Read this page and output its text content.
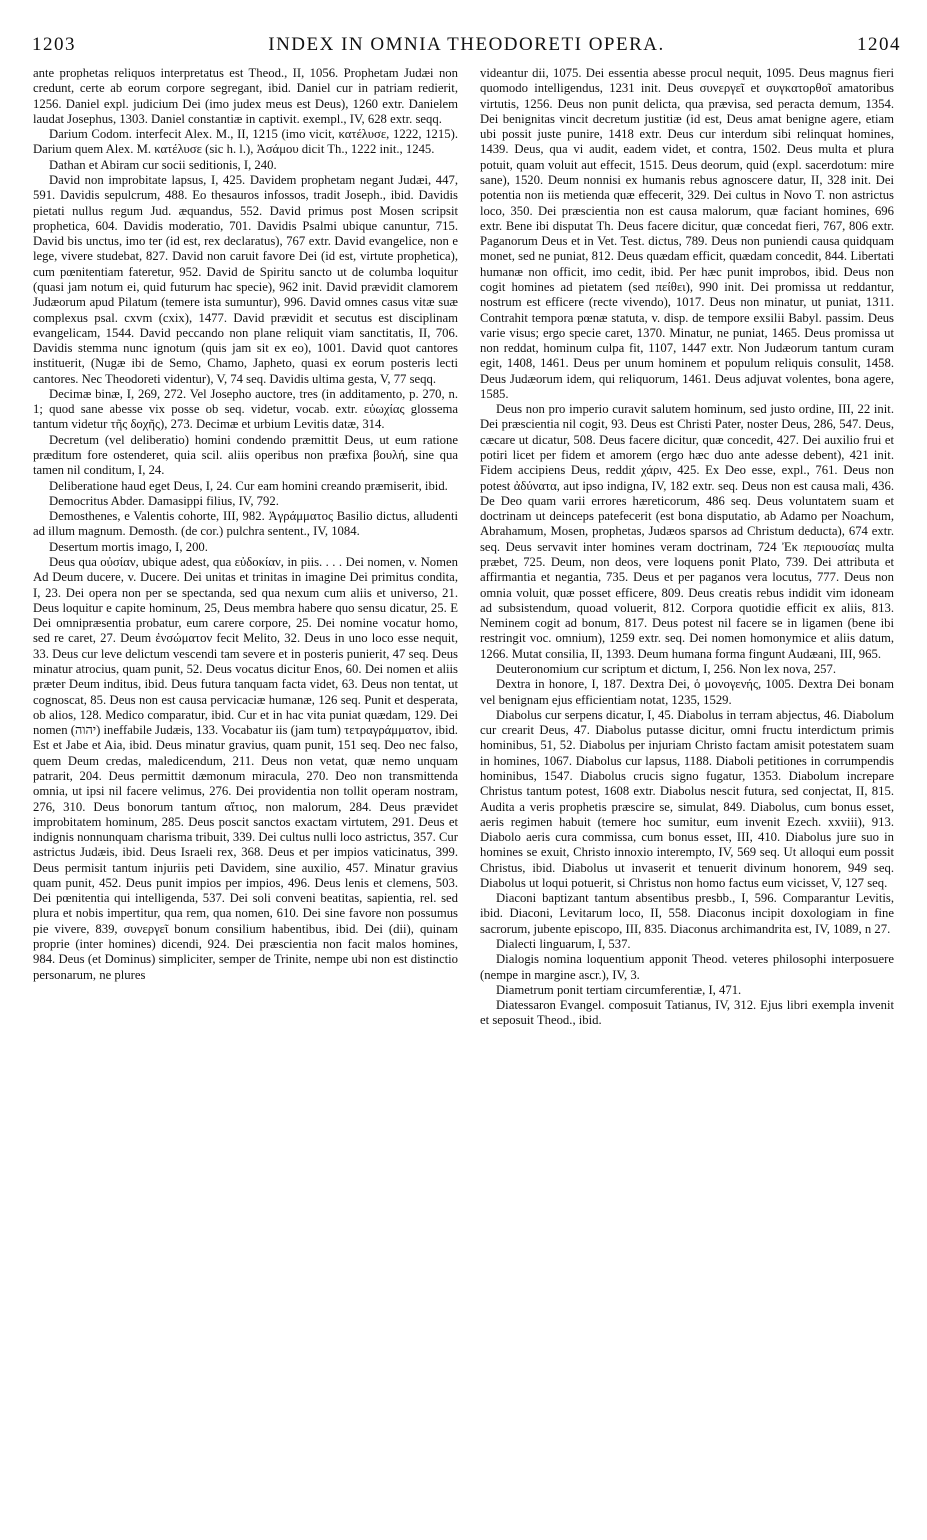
INDEX IN OMNIA THEODORETI OPERA.
1203	1204

ante prophetas reliquos interpretatus est Theod., II, 1056. Prophetam Judæi non credunt, certe ab eorum corpore segregant, ibid. Daniel cur in patriam redierit, 1256. Daniel expl. judicium Dei (imo judex meus est Deus), 1260 extr. Danielem laudat Josephus, 1303. Daniel constantiæ in captivit. exempl., IV, 628 extr. seqq.

Darium Codom. interfecit Alex. M., II, 1215 (imo vicit, κατέλυσε, 1222, 1215). Darium quem Alex. M. κατέλυσε (sic h. l.), Ἀσάμου dicit Th., 1222 init., 1245.

Dathan et Abiram cur socii seditionis, I, 240.

David non improbitate lapsus, I, 425. Davidem prophetam negant Judæi, 447, 591. Davidis sepulcrum, 488. Eo thesauros infossos, tradit Joseph., ibid. Davidis pietati nullus regum Jud. æquandus, 552. David primus post Mosen scripsit prophetica, 604. Davidis moderatio, 701. Davidis Psalmi ubique canuntur, 715. David bis unctus, imo ter (id est, rex declaratus), 767 extr. David evangelice, non e lege, vivere studebat, 827. David non caruit favore Dei (id est, virtute prophetica), cum pœnitentiam fateretur, 952. David de Spiritu sancto ut de columba loquitur (quasi jam notum ei, quid futurum hac specie), 962 init. David prævidit clamorem Judæorum apud Pilatum (temere ista sumuntur), 996. David omnes casus vitæ suæ complexus psal. cxvm (cxix), 1477. David prævidit et secutus est disciplinam evangelicam, 1544. David peccando non plane reliquit viam sanctitatis, II, 706. Davidis stemma nunc ignotum (quis jam sit ex eo), 1001. David quot cantores instituerit, (Nugæ ibi de Semo, Chamo, Japheto, quasi ex eorum posteris lecti cantores. Nec Theodoreti videntur), V, 74 seq. Davidis ultima gesta, V, 77 seqq.

Decimæ binæ, I, 269, 272. Vel Josepho auctore, tres (in additamento, p. 270, n. 1; quod sane abesse vix posse ob seq. videtur, vocab. extr. εὐωχίας glossema tantum videtur τῆς δοχῆς), 273. Decimæ et urbium Levitis datæ, 314.

Decretum (vel deliberatio) homini condendo præmittit Deus, ut eum ratione præditum fore ostenderet, quia scil. aliis operibus non præfixa βουλή, sine qua tamen nil conditum, I, 24.

Deliberatione haud eget Deus, I, 24. Cur eam homini creando præmiserit, ibid.

Democritus Abder. Damasippi filius, IV, 792.

Demosthenes, e Valentis cohorte, III, 982. Ἀγράμματος Basilio dictus, alludenti ad illum magnum. Demosth. (de cor.) pulchra sentent., IV, 1084.

Desertum mortis imago, I, 200.

Deus qua οὐσίαν, ubique adest, qua εὐδοκίαν, in piis. . . . Dei nomen, v. Nomen Ad Deum ducere, v. Ducere. Dei unitas et trinitas in imagine Dei primitus condita, I, 23. Dei opera non per se spectanda, sed qua nexum cum aliis et universo, 21. Deus loquitur e capite hominum, 25, Deus membra habere quo sensu dicatur, 25. E Dei omnipræsentia probatur, eum carere corpore, 25. Dei nomine vocatur homo, sed re caret, 27. Deum ἐνσώματον fecit Melito, 32. Deus in uno loco esse nequit, 33. Deus cur leve delictum vescendi tam severe et in posteris punierit, 47 seq. Deus minatur atrocius, quam punit, 52. Deus vocatus dicitur Enos, 60. Dei nomen et aliis præter Deum inditus, ibid. Deus futura tanquam facta videt, 63. Deus non tentat, ut cognoscat, 85. Deus non est causa pervicaciæ humanæ, 126 seq. Punit et desperata, ob alios, 128. Medico comparatur, ibid. Cur et in hac vita puniat quædam, 129. Dei nomen (יהוה) ineffabile Judæis, 133. Vocabatur iis (jam tum) τετραγράμματον, ibid. Est et Jabe et Aia, ibid. Deus minatur gravius, quam punit, 151 seq. Deo nec falso, quem Deum credas, maledicendum, 211. Deus non vetat, quæ nemo unquam patrarit, 204. Deus permittit dæmonum miracula, 270. Deo non transmittenda omnia, ut ipsi nil facere velimus, 276. Dei providentia non tollit operam nostram, 276, 310. Deus bonorum tantum αἴτιος, non malorum, 284. Deus prævidet improbitatem hominum, 285. Deus poscit sanctos exactam virtutem, 291. Deus et indignis nonnunquam charisma tribuit, 339. Dei cultus nulli loco astrictus, 357. Cur astrictus Judæis, ibid. Deus Israeli rex, 368. Deus et per impios vaticinatus, 399. Deus permisit tantum injuriis peti Davidem, sine auxilio, 457. Minatur gravius quam punit, 452. Deus punit impios per impios, 496. Deus lenis et clemens, 503. Dei pœnitentia qui intelligenda, 537. Dei soli conveni beatitas, sapientia, rel. sed plura et nobis impertitur, qua rem, qua nomen, 610. Dei sine favore non possumus pie vivere, 839, συνεργεῖ bonum consilium habentibus, ibid. Dei (dii), quinam proprie (inter homines) dicendi, 924. Dei præscientia non facit malos homines, 984. Deus (et Dominus) simpliciter, semper de Trinite, nempe ubi non est distinctio personarum, ne plures

videantur dii, 1075. Dei essentia abesse procul nequit, 1095. Deus magnus fieri quomodo intelligendus, 1231 init. Deus συνεργεῖ et συγκατορθοῖ amatoribus virtutis, 1256. Deus non punit delicta, qua prævisa, sed peracta demum, 1354. Dei benignitas vincit decretum justitiæ (id est, Deus amat benigne agere, etiam ubi possit juste punire, 1418 extr. Deus cur interdum sibi relinquat homines, 1439. Deus, qua vi audit, eadem videt, et contra, 1502. Deus multa et plura potuit, quam voluit aut effecit, 1515. Deus deorum, quid (expl. sacerdotum: mire sane), 1520. Deum nonnisi ex humanis rebus agnoscere datur, II, 328 init. Dei potentia non iis metienda quæ effecerit, 329. Dei cultus in Novo T. non astrictus loco, 350. Dei præscientia non est causa malorum, quæ faciant homines, 696 extr. Bene ibi disputat Th. Deus facere dicitur, quæ concedat fieri, 767, 806 extr. Paganorum Deus et in Vet. Test. dictus, 789. Deus non puniendi causa quidquam monet, sed ne puniat, 812. Deus quædam efficit, quædam concedit, 844. Libertati humanæ non officit, imo cedit, ibid. Per hæc punit improbos, ibid. Deus non cogit homines ad pietatem (sed πείθει), 990 init. Dei promissa ut reddantur, nostrum est efficere (recte vivendo), 1017. Deus non minatur, ut puniat, 1311. Contrahit tempora pœnæ statuta, v. disp. de tempore exsilii Babyl. passim. Deus varie visus; ergo specie caret, 1370. Minatur, ne puniat, 1465. Deus promissa ut non reddat, hominum culpa fit, 1107, 1447 extr. Non Judæorum tantum curam egit, 1408, 1461. Deus per unum hominem et populum reliquis consulit, 1458. Deus Judæorum idem, qui reliquorum, 1461. Deus adjuvat volentes, bona agere, 1585.

Deus non pro imperio curavit salutem hominum, sed justo ordine, III, 22 init. Dei præscientia nil cogit, 93. Deus est Christi Pater, noster Deus, 286, 547. Deus, cæcare ut dicatur, 508. Deus facere dicitur, quæ concedit, 427. Dei auxilio frui et potiri licet per fidem et amorem (ergo hæc duo ante adesse debent), 421 init. Fidem accipiens Deus, reddit χάριν, 425. Ex Deo esse, expl., 761. Deus non potest ἀδύνατα, aut ipso indigna, IV, 182 extr. seq. Deus non est causa mali, 436. De Deo quam varii errores hæreticorum, 486 seq. Deus voluntatem suam et doctrinam ut deinceps patefecerit (est bona disputatio, ab Adamo per Noachum, Abrahamum, Mosen, prophetas, Judæos sparsos ad Christum deducta), 674 extr. seq. Deus servavit inter homines veram doctrinam, 724 Ἐκ περιουσίας multa præbet, 725. Deum, non deos, vere loquens ponit Plato, 739. Dei attributa et affirmantia et negantia, 735. Deus et per paganos vera locutus, 777. Deus non omnia voluit, quæ posset efficere, 809. Deus creatis rebus indidit vim idoneam ad subsistendum, quoad voluerit, 812. Corpora quotidie efficit ex aliis, 813. Neminem cogit ad bonum, 817. Deus potest nil facere se in ligamen (bene ibi restringit voc. omnium), 1259 extr. seq. Dei nomen homonymice et aliis datum, 1266. Mutat consilia, II, 1393. Deum humana forma fingunt Audæani, III, 965.

Deuteronomium cur scriptum et dictum, I, 256. Non lex nova, 257.

Dextra in honore, I, 187. Dextra Dei, ὁ μονογενής, 1005. Dextra Dei bonam vel benignam ejus efficientiam notat, 1235, 1529.

Diabolus cur serpens dicatur, I, 45. Diabolus in terram abjectus, 46. Diabolum cur crearit Deus, 47. Diabolus putasse dicitur, omni fructu interdictum primis hominibus, 51, 52. Diabolus per injuriam Christo factam amisit potestatem suam in homines, 1067. Diabolus cur lapsus, 1188. Diaboli petitiones in corrumpendis hominibus, 1547. Diabolus crucis signo fugatur, 1353. Diabolum increpare Christus tantum potest, 1608 extr. Diabolus nescit futura, sed conjectat, II, 815. Audita a veris prophetis præscire se, simulat, 849. Diabolus, cum bonus esset, aeris regimen habuit (temere hoc sumitur, eum invenit Ezech. xxviii), 913. Diabolo aeris cura commissa, cum bonus esset, III, 410. Diabolus jure suo in homines se exuit, Christo innoxio interempto, IV, 569 seq. Ut alloqui eum possit Christus, ibid. Diabolus ut invaserit et tenuerit divinum honorem, 949 seq. Diabolus ut loqui potuerit, si Christus non homo factus eum vicisset, V, 127 seq.

Diaconi baptizant tantum absentibus presbb., I, 596. Comparantur Levitis, ibid. Diaconi, Levitarum loco, II, 558. Diaconus incipit doxologiam in fine sacrorum, jubente episcopo, III, 835. Diaconus archimandrita est, IV, 1089, n 27.

Dialecti linguarum, I, 537.

Dialogis nomina loquentium apponit Theod. veteres philosophi interposuere (nempe in margine ascr.), IV, 3.

Diametrum ponit tertiam circumferentiæ, I, 471.

Diatessaron Evangel. composuit Tatianus, IV, 312. Ejus libri exempla invenit et seposuit Theod., ibid.
